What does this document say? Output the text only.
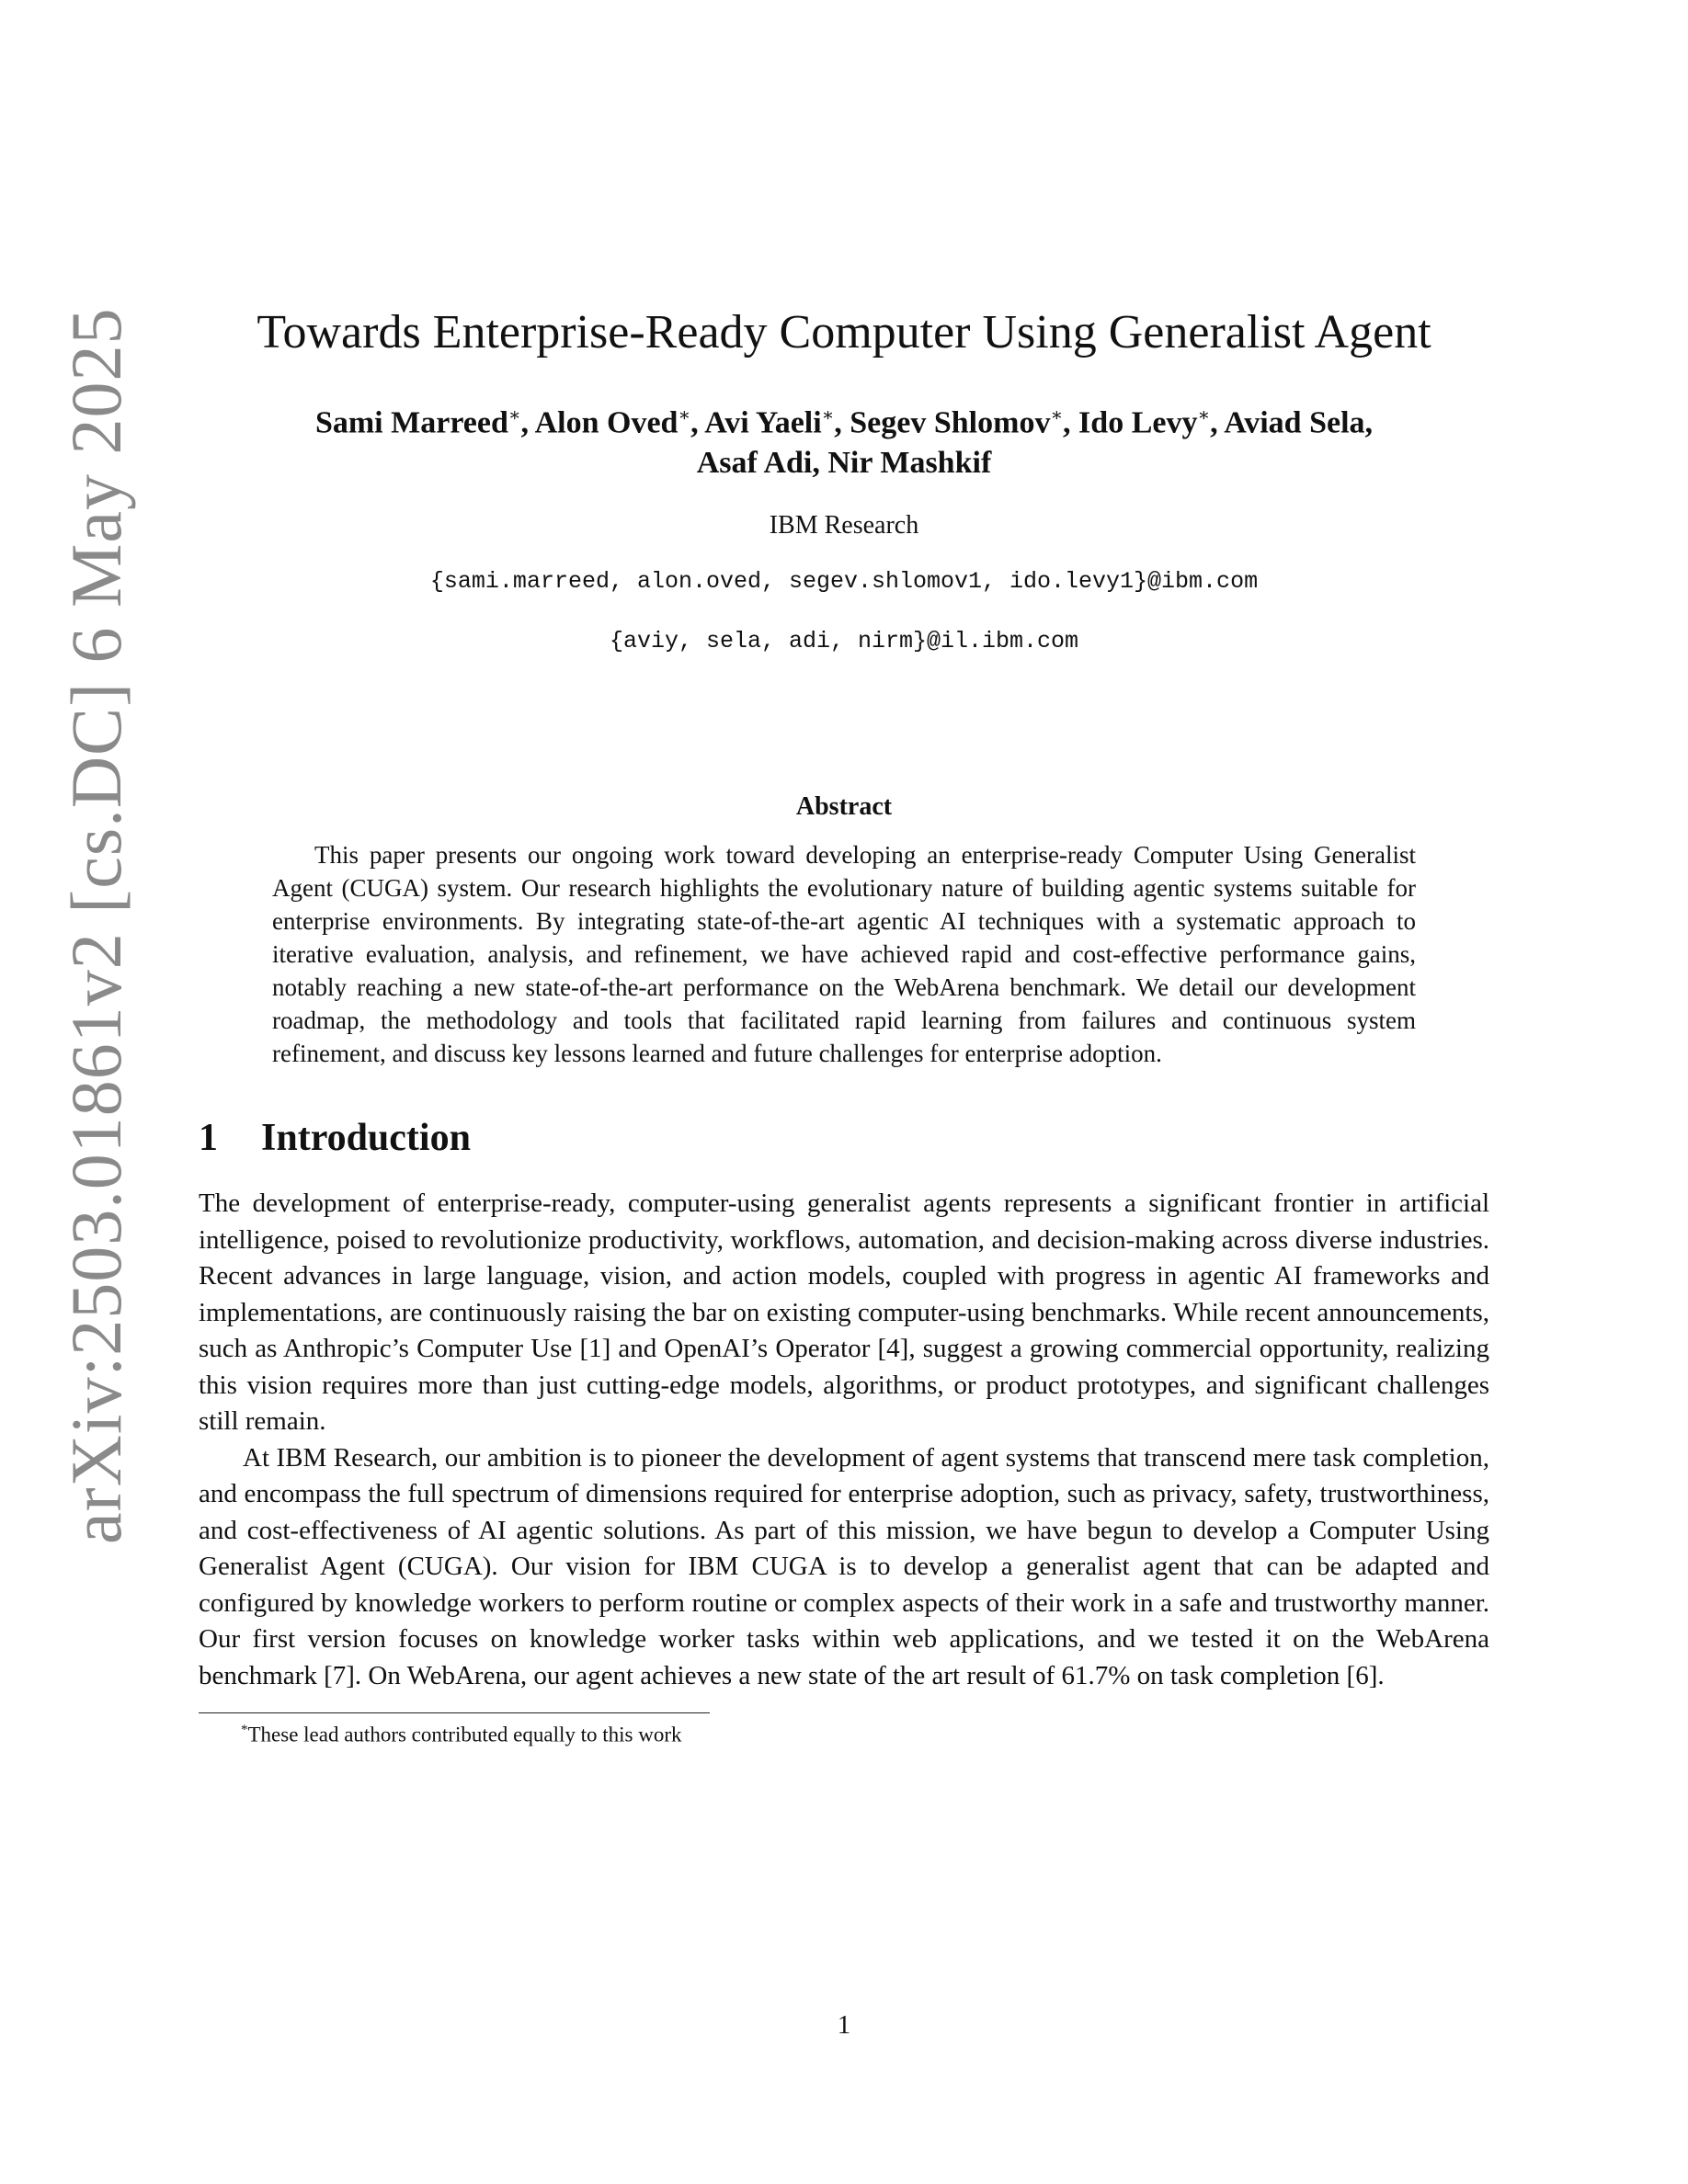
arXiv:2503.01861v2 [cs.DC] 6 May 2025	Towards Enterprise-Ready Computer Using Generalist Agent
Sami Marreed∗, Alon Oved∗, Avi Yaeli∗, Segev Shlomov∗, Ido Levy∗, Aviad Sela,
Asaf Adi, Nir Mashkif
IBM Research
{sami.marreed, alon.oved, segev.shlomov1, ido.levy1}@ibm.com
{aviy, sela, adi, nirm}@il.ibm.com
Abstract

This paper presents our ongoing work toward developing an enterprise-ready Computer Using Generalist Agent (CUGA) system. Our research highlights the evolutionary nature of building agentic systems suitable for enterprise environments. By integrating state-of-the-art agentic AI techniques with a systematic approach to iterative evaluation, analysis, and refinement, we have achieved rapid and cost-effective performance gains, notably reaching a new state-of-the-art performance on the WebArena benchmark. We detail our development roadmap, the methodology and tools that facilitated rapid learning from failures and continuous system refinement, and discuss key lessons learned and future challenges for enterprise adoption.

1 Introduction

The development of enterprise-ready, computer-using generalist agents represents a significant frontier in artificial intelligence, poised to revolutionize productivity, workflows, automation, and decision-making across diverse industries. Recent advances in large language, vision, and action models, coupled with progress in agentic AI frameworks and implementations, are continuously raising the bar on existing computer-using benchmarks. While recent announcements, such as Anthropic’s Computer Use [1] and OpenAI’s Operator [4], suggest a growing commercial opportunity, realizing this vision requires more than just cutting-edge models, algorithms, or product prototypes, and significant challenges still remain.

At IBM Research, our ambition is to pioneer the development of agent systems that transcend mere task completion, and encompass the full spectrum of dimensions required for enterprise adoption, such as privacy, safety, trustworthiness, and cost-effectiveness of AI agentic solutions. As part of this mission, we have begun to develop a Computer Using Generalist Agent (CUGA). Our vision for IBM CUGA is to develop a generalist agent that can be adapted and configured by knowledge workers to perform routine or complex aspects of their work in a safe and trustworthy manner. Our first version focuses on knowledge worker tasks within web applications, and we tested it on the WebArena benchmark [7]. On WebArena, our agent achieves a new state of the art result of 61.7% on task completion [6].

*These lead authors contributed equally to this work
1
